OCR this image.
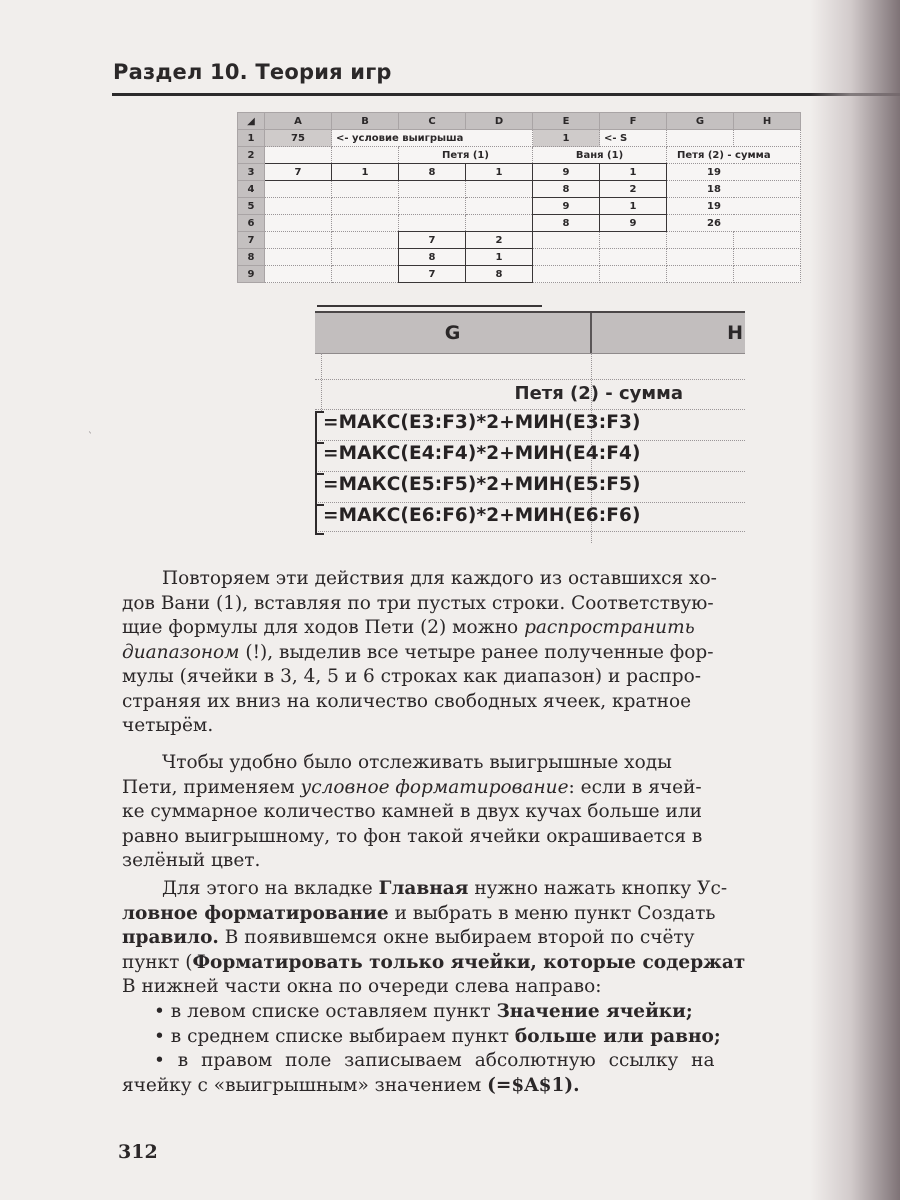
Раздел 10. Теория игр
◢	A	B	C	D	E	F	G	H
1	75	<- условие выигрыша			1	<- S		
2			Петя (1)		Ваня (1)		Петя (2) - сумма	
3	7	1	8	1	9	1	19	
4					8	2	18	
5					9	1	19	
6					8	9	26	
7			7	2				
8			8	1				
9			7	8				
G	H
Петя (2) - сумма
=МАКС(E3:F3)*2+МИН(E3:F3)
=МАКС(E4:F4)*2+МИН(E4:F4)
=МАКС(E5:F5)*2+МИН(E5:F5)
=МАКС(E6:F6)*2+МИН(E6:F6)
ˋ
Повторяем эти действия для каждого из оставшихся хо-
дов Вани (1), вставляя по три пустых строки. Соответствую-
щие формулы для ходов Пети (2) можно распространить
диапазоном (!), выделив все четыре ранее полученные фор-
мулы (ячейки в 3, 4, 5 и 6 строках как диапазон) и распро-
страняя их вниз на количество свободных ячеек, кратное
четырём.
Чтобы удобно было отслеживать выигрышные ходы
Пети, применяем условное форматирование: если в ячей-
ке суммарное количество камней в двух кучах больше или
равно выигрышному, то фон такой ячейки окрашивается в
зелёный цвет.
Для этого на вкладке Главная нужно нажать кнопку Ус-
ловное форматирование и выбрать в меню пункт Создать
правило. В появившемся окне выбираем второй по счёту
пункт (Форматировать только ячейки, которые содержат
В нижней части окна по очереди слева направо:
• в левом списке оставляем пункт Значение ячейки;
• в среднем списке выбираем пункт больше или равно;
• в правом поле записываем абсолютную ссылку на
ячейку с «выигрышным» значением (=$A$1).
312
